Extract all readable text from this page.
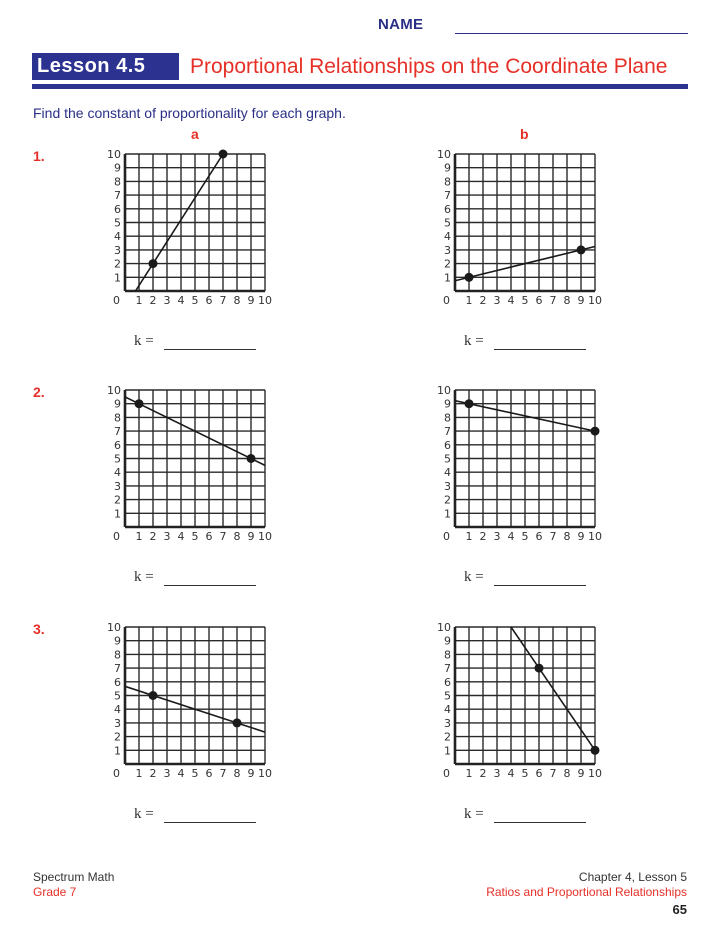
NAME
Lesson 4.5	Proportional Relationships on the Coordinate Plane
Find the constant of proportionality for each graph.
a	b
1.
2.
3.
1
2
3
4
5
6
7
8
9
10
0 1 2 3 4 5 6 7 8 9 10
1
2
3
4
5
6
7
8
9
10
0 1 2 3 4 5 6 7 8 9 10
1
2
3
4
5
6
7
8
9
10
0 1 2 3 4 5 6 7 8 9 10
1
2
3
4
5
6
7
8
9
10
0 1 2 3 4 5 6 7 8 9 10
1
2
3
4
5
6
7
8
9
10
0 1 2 3 4 5 6 7 8 9 10
1
2
3
4
5
6
7
8
9
10
0 1 2 3 4 5 6 7 8 9 10
k =	k =
k =	k =
k =	k =
Spectrum Math
Grade 7
Chapter 4, Lesson 5
Ratios and Proportional Relationships
65
